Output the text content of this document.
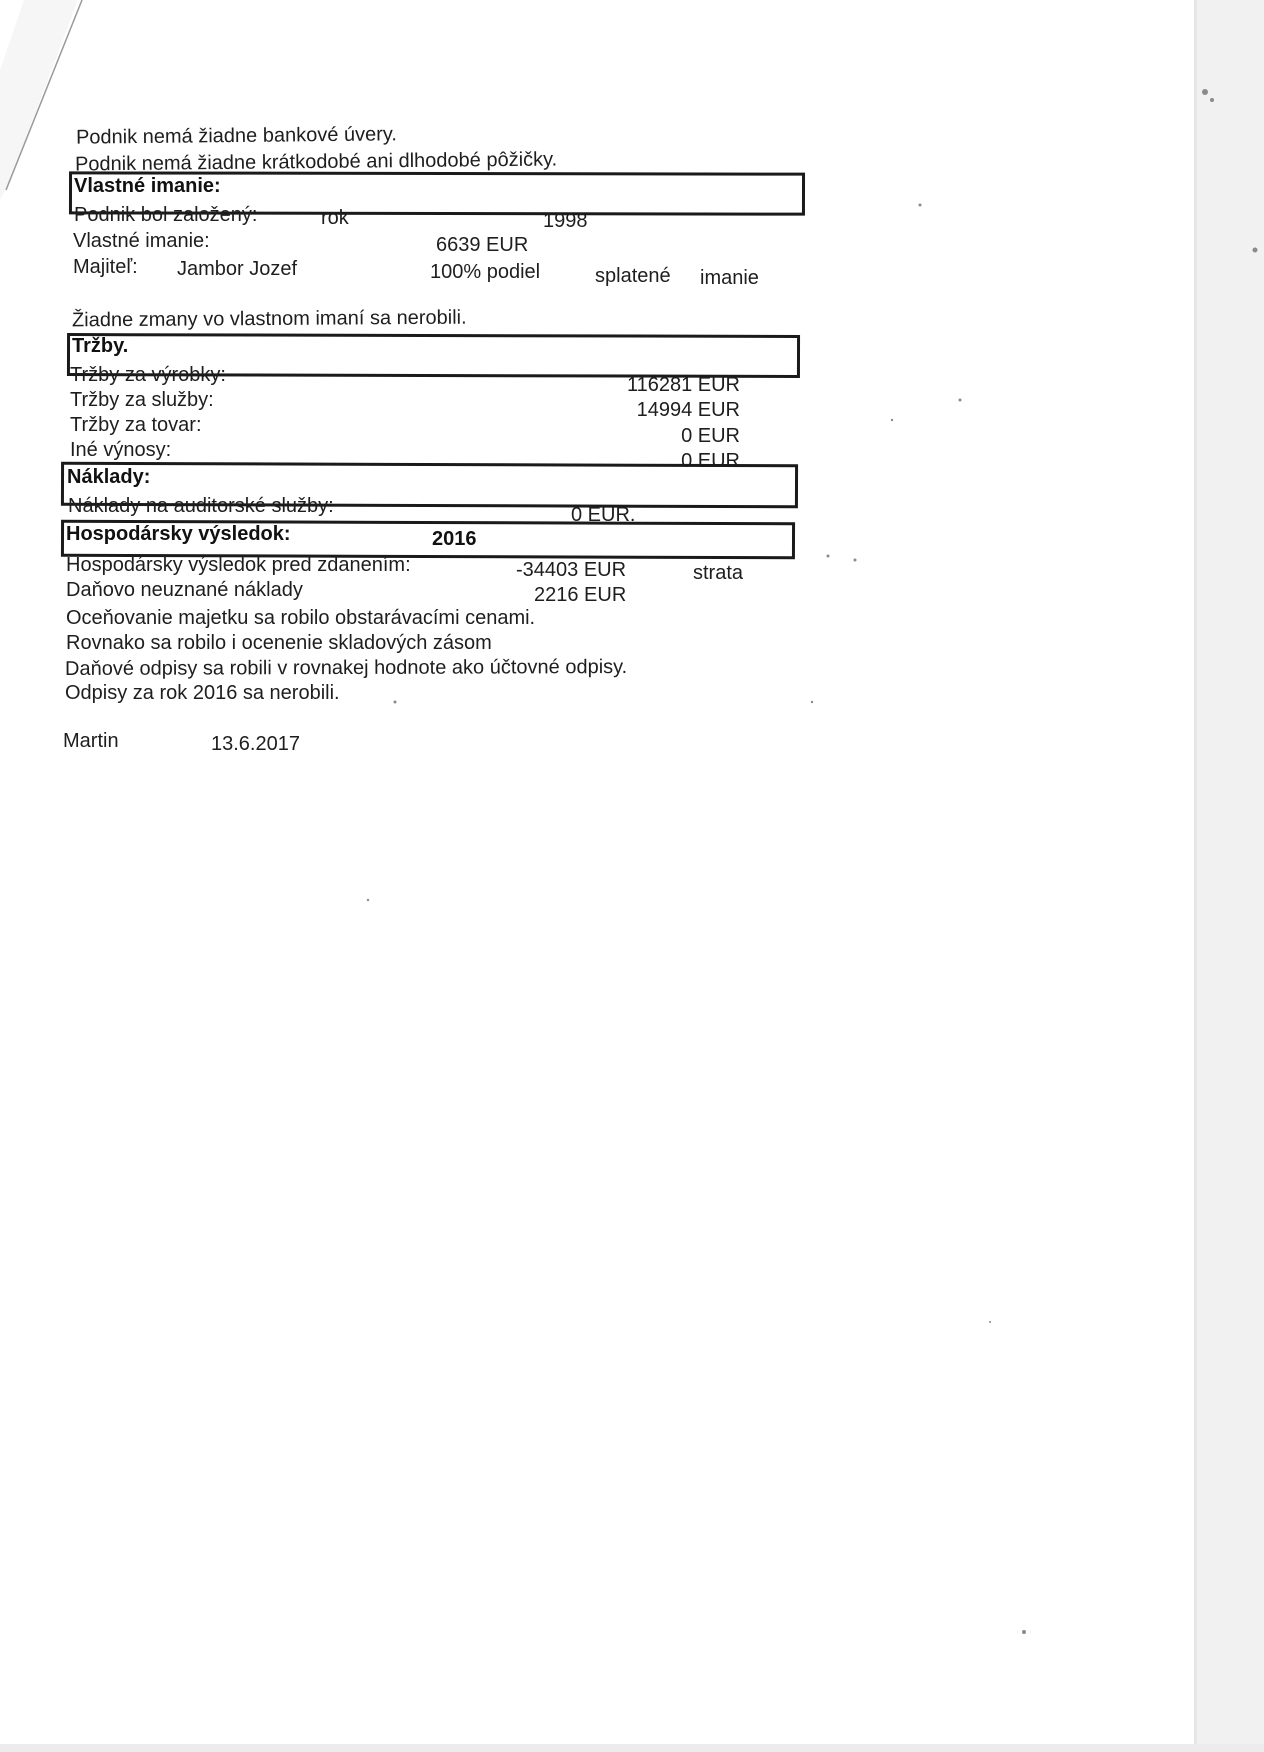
Podnik nemá žiadne bankové úvery.
Podnik nemá žiadne krátkodobé ani dlhodobé pôžičky.
Vlastné imanie:
Podnik bol založený:	rok	1998
Vlastné imanie:	6639 EUR
Majiteľ: Jambor Jozef	100% podiel	splatené imanie
Žiadne zmany vo vlastnom imaní sa nerobili.
Tržby.
Tržby za výrobky:	116281 EUR
Tržby za služby:	14994 EUR
Tržby za tovar:	0 EUR
Iné výnosy:	0 EUR
Náklady:
Náklady na auditorské služby:	0 EUR.
Hospodársky výsledok:	2016
Hospodársky výsledok pred zdanením:	-34403 EUR	strata
Daňovo neuznané náklady	2216 EUR
Oceňovanie majetku sa robilo obstarávacími cenami.
Rovnako sa robilo i ocenenie skladových zásom
Daňové odpisy sa robili v rovnakej hodnote ako účtovné odpisy.
Odpisy za rok 2016 sa nerobili.
Martin	13.6.2017
